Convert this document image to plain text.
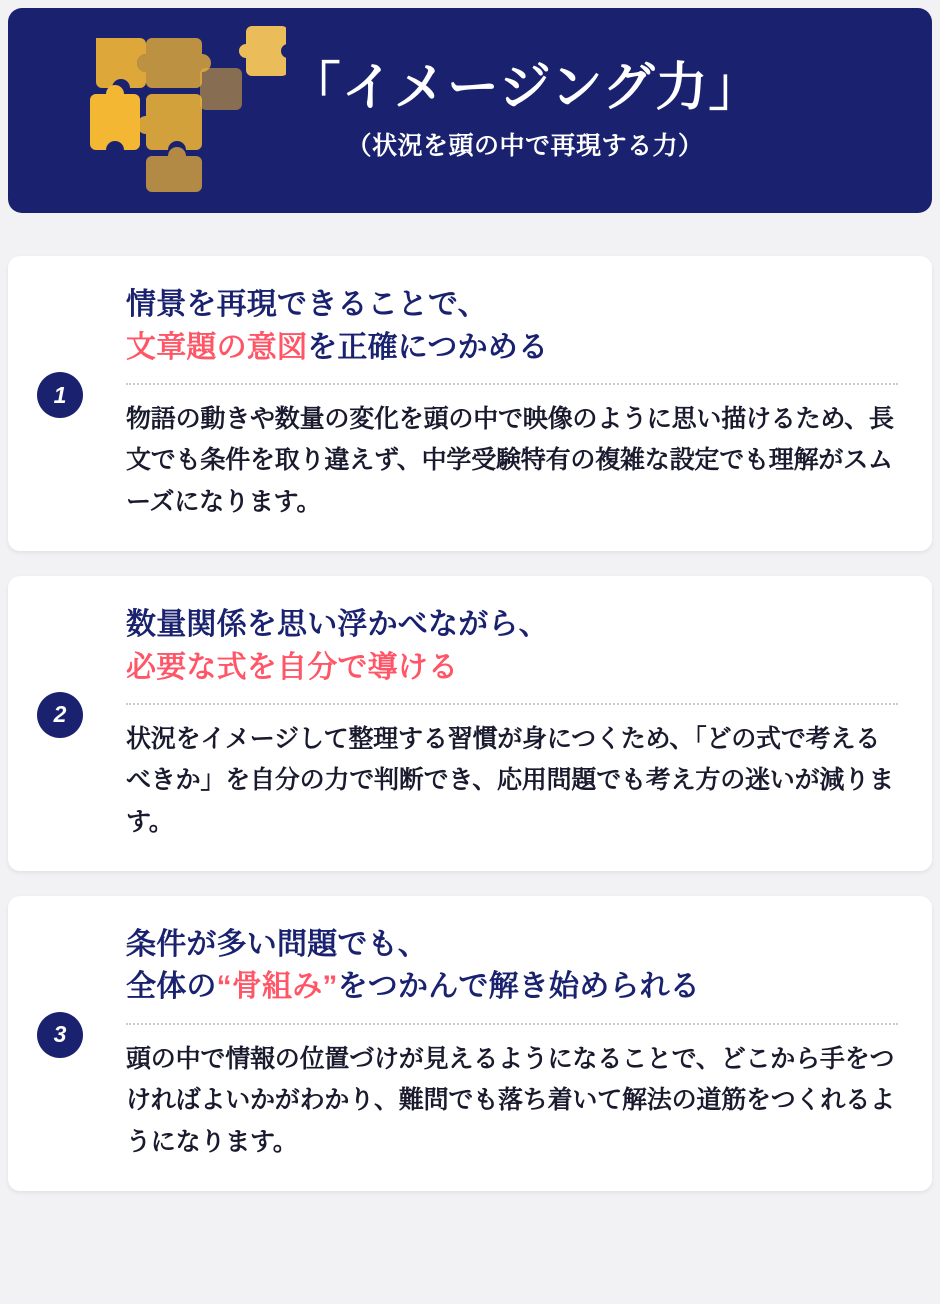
「イメージング力」
（状況を頭の中で再現する力）
1
情景を再現できることで、
文章題の意図を正確につかめる
物語の動きや数量の変化を頭の中で映像のように思い描けるため、長文でも条件を取り違えず、中学受験特有の複雑な設定でも理解がスムーズになります。
2
数量関係を思い浮かべながら、
必要な式を自分で導ける
状況をイメージして整理する習慣が身につくため、「どの式で考えるべきか」を自分の力で判断でき、応用問題でも考え方の迷いが減ります。
3
条件が多い問題でも、
全体の“骨組み”をつかんで解き始められる
頭の中で情報の位置づけが見えるようになることで、どこから手をつければよいかがわかり、難問でも落ち着いて解法の道筋をつくれるようになります。
